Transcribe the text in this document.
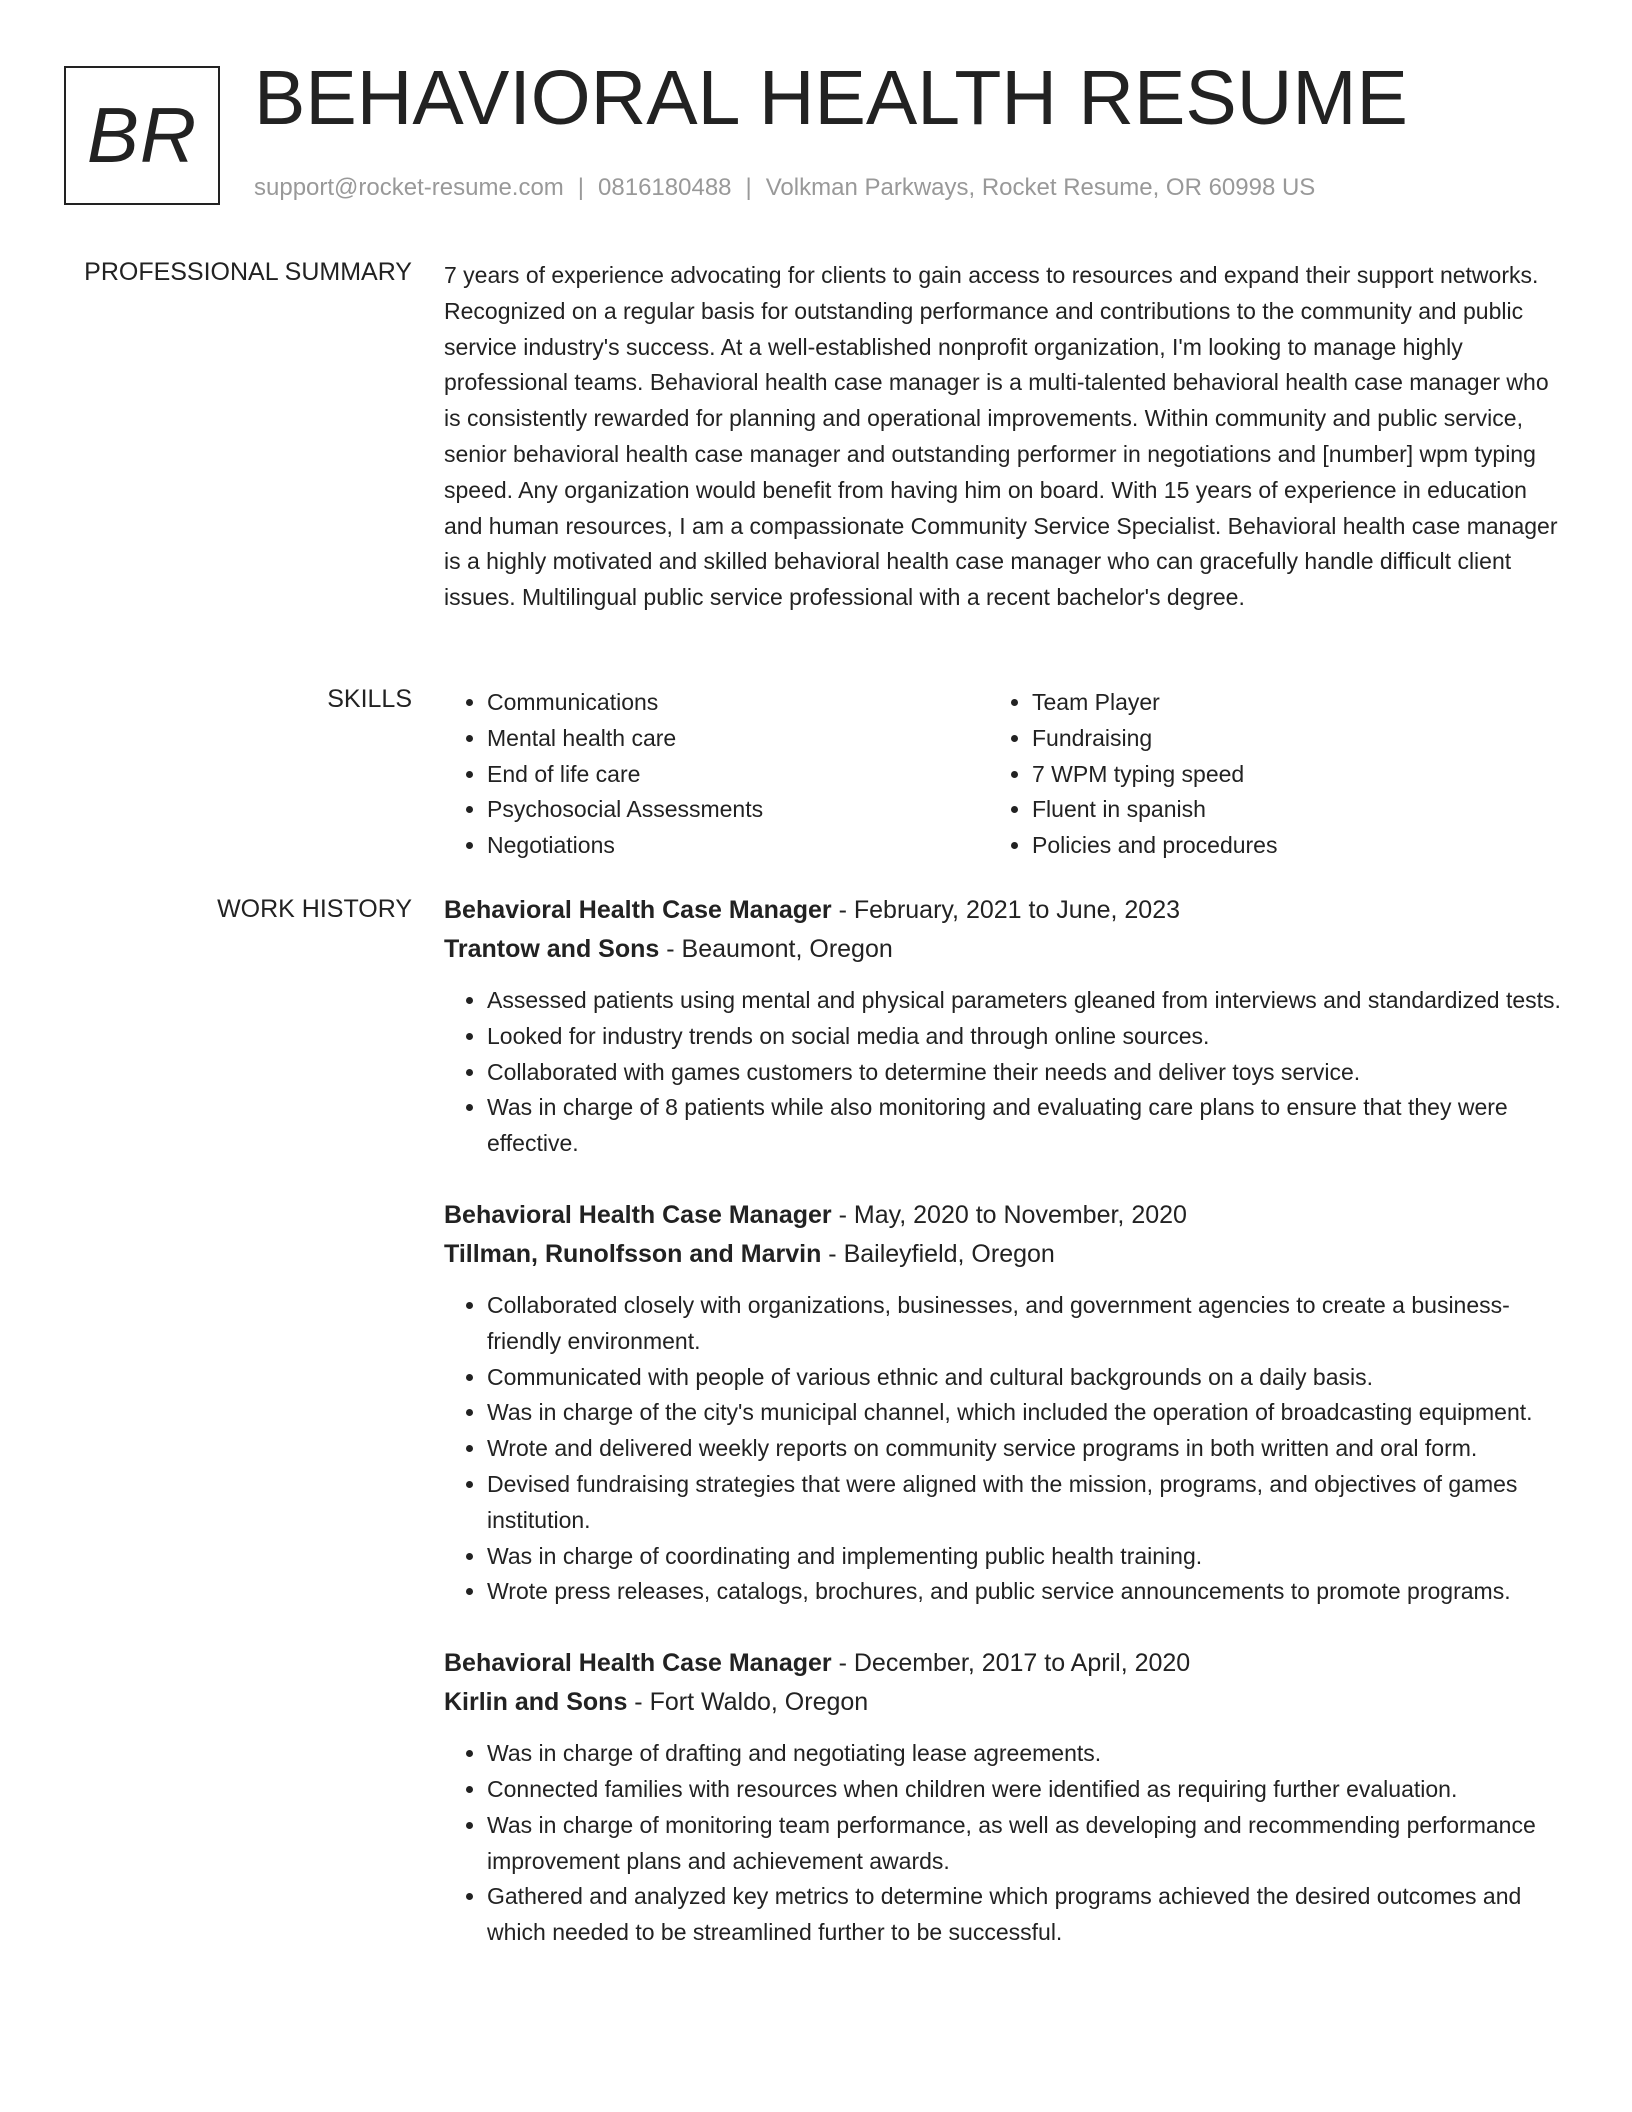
BR BEHAVIORAL HEALTH RESUME
support@rocket-resume.com | 0816180488 | Volkman Parkways, Rocket Resume, OR 60998 US
PROFESSIONAL SUMMARY 7 years of experience advocating for clients to gain access to resources and expand their support networks. Recognized on a regular basis for outstanding performance and contributions to the community and public service industry's success. At a well-established nonprofit organization, I'm looking to manage highly professional teams. Behavioral health case manager is a multi-talented behavioral health case manager who is consistently rewarded for planning and operational improvements. Within community and public service, senior behavioral health case manager and outstanding performer in negotiations and [number] wpm typing speed. Any organization would benefit from having him on board. With 15 years of experience in education and human resources, I am a compassionate Community Service Specialist. Behavioral health case manager is a highly motivated and skilled behavioral health case manager who can gracefully handle difficult client issues. Multilingual public service professional with a recent bachelor's degree.

SKILLS
•	Communications
• Mental health care
• End of life care
• Psychosocial Assessments
• Negotiations
• Team Player
• Fundraising
• 7 WPM typing speed
• Fluent in spanish
• Policies and procedures
WORK HISTORY Behavioral Health Case Manager - February, 2021 to June, 2023
Trantow and Sons - Beaumont, Oregon
• Assessed patients using mental and physical parameters gleaned from interviews and standardized tests.
• Looked for industry trends on social media and through online sources.
• Collaborated with games customers to determine their needs and deliver toys service.
• Was in charge of 8 patients while also monitoring and evaluating care plans to ensure that they were effective.
Behavioral Health Case Manager - May, 2020 to November, 2020
Tillman, Runolfsson and Marvin - Baileyfield, Oregon
• Collaborated closely with organizations, businesses, and government agencies to create a business-friendly environment.
• Communicated with people of various ethnic and cultural backgrounds on a daily basis.
• Was in charge of the city's municipal channel, which included the operation of broadcasting equipment.
• Wrote and delivered weekly reports on community service programs in both written and oral form.
• Devised fundraising strategies that were aligned with the mission, programs, and objectives of games institution.
• Was in charge of coordinating and implementing public health training.
• Wrote press releases, catalogs, brochures, and public service announcements to promote programs.
Behavioral Health Case Manager - December, 2017 to April, 2020
Kirlin and Sons - Fort Waldo, Oregon
• Was in charge of drafting and negotiating lease agreements.
• Connected families with resources when children were identified as requiring further evaluation.
• Was in charge of monitoring team performance, as well as developing and recommending performance improvement plans and achievement awards.
• Gathered and analyzed key metrics to determine which programs achieved the desired outcomes and which needed to be streamlined further to be successful.
